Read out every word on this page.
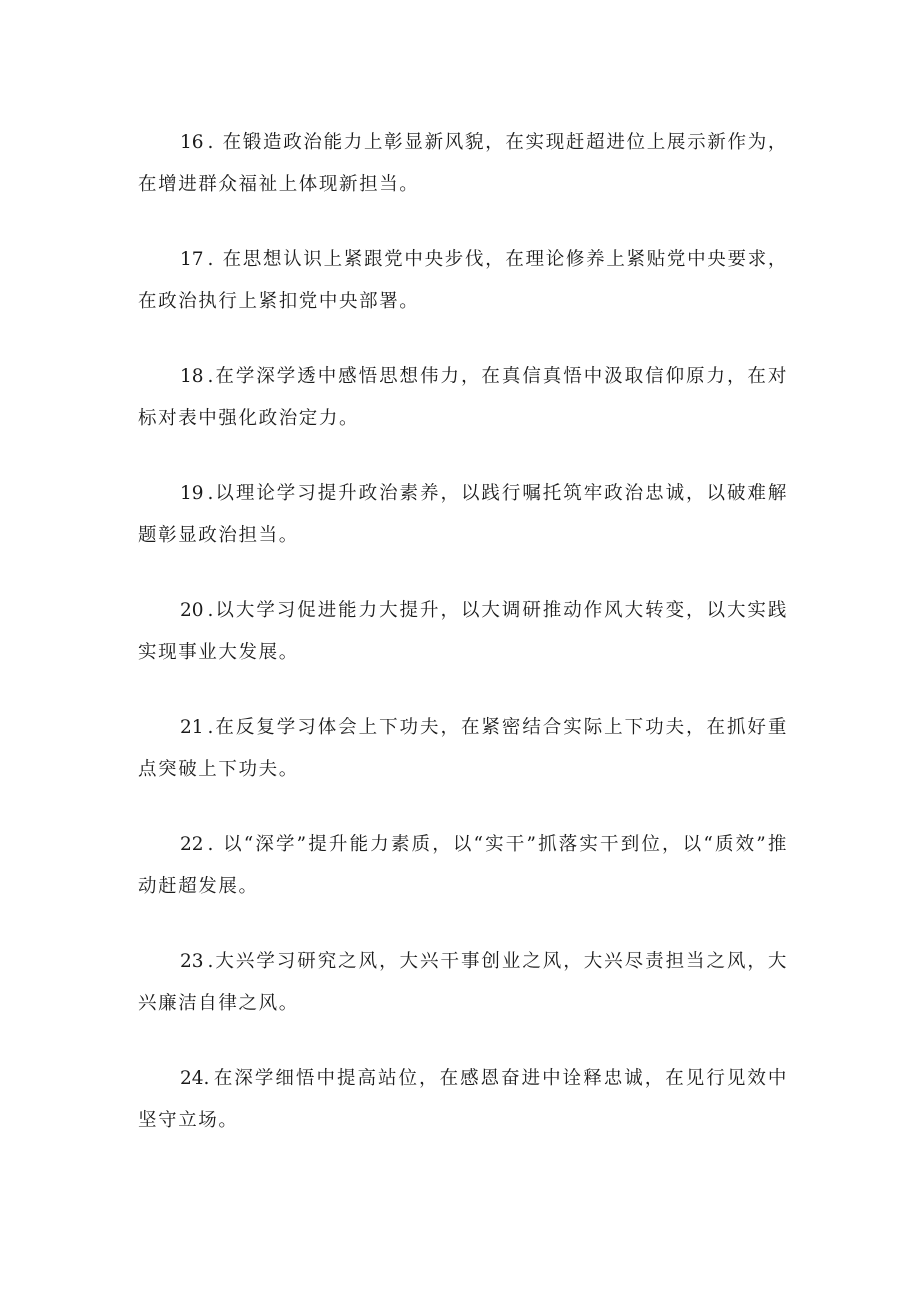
16 . 在锻造政治能力上彰显新风貌，在实现赶超进位上展示新作为，在增进群众福祉上体现新担当。

17 . 在思想认识上紧跟党中央步伐，在理论修养上紧贴党中央要求，在政治执行上紧扣党中央部署。

18 .在学深学透中感悟思想伟力，在真信真悟中汲取信仰原力，在对标对表中强化政治定力。

19 .以理论学习提升政治素养，以践行嘱托筑牢政治忠诚，以破难解题彰显政治担当。

20 .以大学习促进能力大提升，以大调研推动作风大转变，以大实践实现事业大发展。

21 .在反复学习体会上下功夫，在紧密结合实际上下功夫，在抓好重点突破上下功夫。

22 . 以“深学”提升能力素质，以“实干”抓落实干到位，以“质效”推动赶超发展。

23 .大兴学习研究之风，大兴干事创业之风，大兴尽责担当之风，大兴廉洁自律之风。

24. 在深学细悟中提高站位，在感恩奋进中诠释忠诚，在见行见效中坚守立场。
